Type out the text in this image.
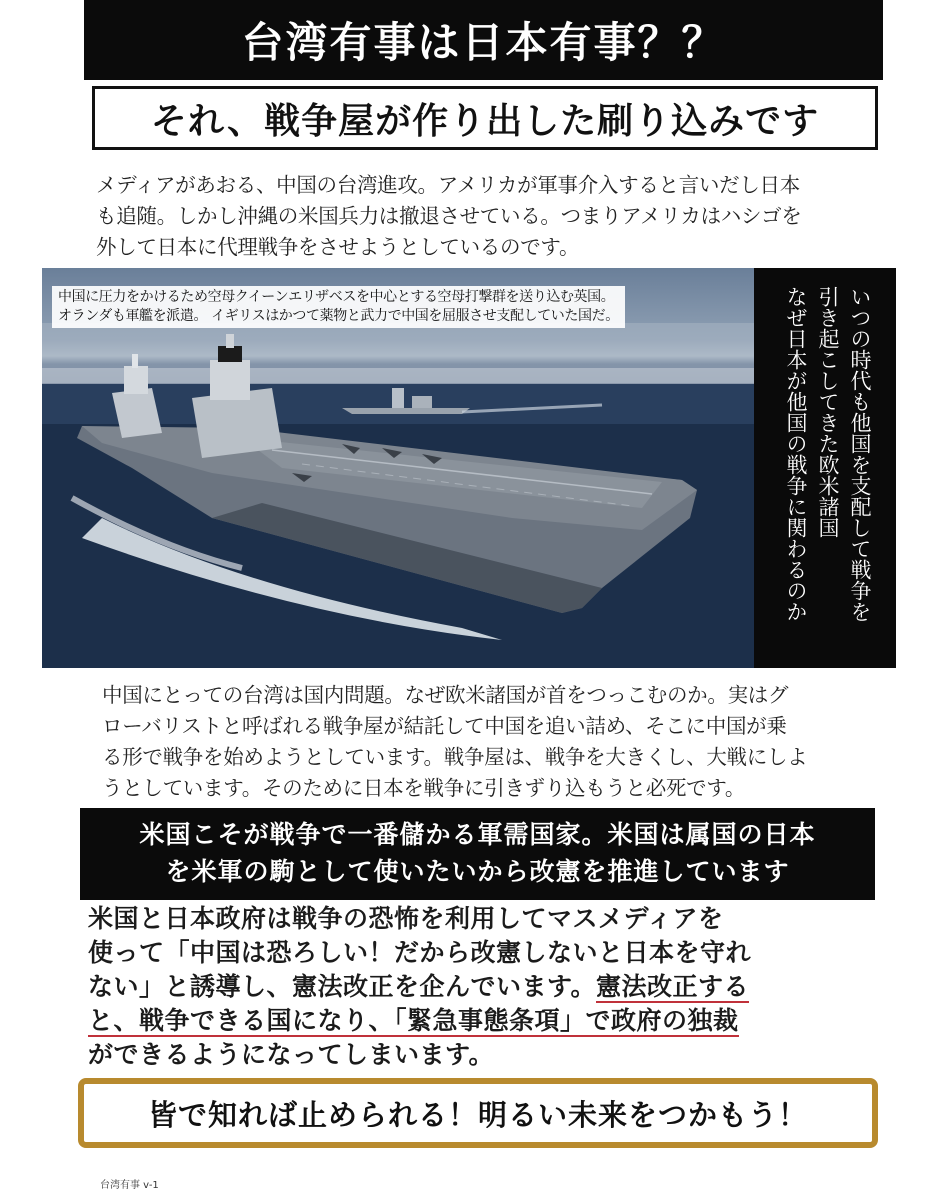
台湾有事は日本有事？？
それ、戦争屋が作り出した刷り込みです
メディアがあおる、中国の台湾進攻。アメリカが軍事介入すると言いだし日本
も追随。しかし沖縄の米国兵力は撤退させている。つまりアメリカはハシゴを
外して日本に代理戦争をさせようとしているのです。
中国に圧力をかけるため空母クイーンエリザベスを中心とする空母打撃群を送り込む英国。
オランダも軍艦を派遣。 イギリスはかつて薬物と武力で中国を屈服させ支配していた国だ。	いつの時代も他国を支配して戦争を
引き起こしてきた欧米諸国
なぜ日本が他国の戦争に関わるのか
中国にとっての台湾は国内問題。なぜ欧米諸国が首をつっこむのか。実はグ
ローバリストと呼ばれる戦争屋が結託して中国を追い詰め、そこに中国が乗
る形で戦争を始めようとしています。戦争屋は、戦争を大きくし、大戦にしよ
うとしています。そのために日本を戦争に引きずり込もうと必死です。
米国こそが戦争で一番儲かる軍需国家。米国は属国の日本
を米軍の駒として使いたいから改憲を推進しています
米国と日本政府は戦争の恐怖を利用してマスメディアを
使って「中国は恐ろしい！だから改憲しないと日本を守れ
ない」と誘導し、憲法改正を企んでいます。憲法改正する
と、戦争できる国になり、「緊急事態条項」で政府の独裁
ができるようになってしまいます。
皆で知れば止められる！明るい未来をつかもう！
台湾有事 v-1
